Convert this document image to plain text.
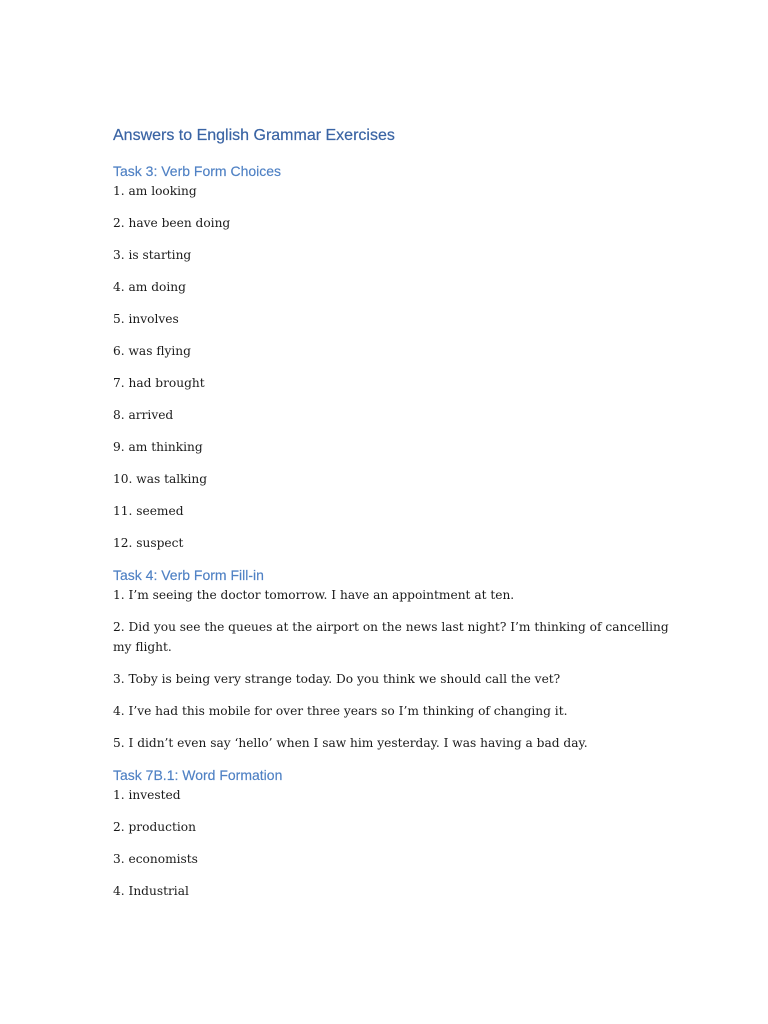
Answers to English Grammar Exercises
Task 3: Verb Form Choices

1. am looking

2. have been doing

3. is starting

4. am doing

5. involves

6. was flying

7. had brought

8. arrived

9. am thinking

10. was talking

11. seemed

12. suspect

Task 4: Verb Form Fill-in

1. I’m seeing the doctor tomorrow. I have an appointment at ten.

2. Did you see the queues at the airport on the news last night? I’m thinking of cancelling my flight.

3. Toby is being very strange today. Do you think we should call the vet?

4. I’ve had this mobile for over three years so I’m thinking of changing it.

5. I didn’t even say ‘hello’ when I saw him yesterday. I was having a bad day.

Task 7B.1: Word Formation

1. invested

2. production

3. economists

4. Industrial
